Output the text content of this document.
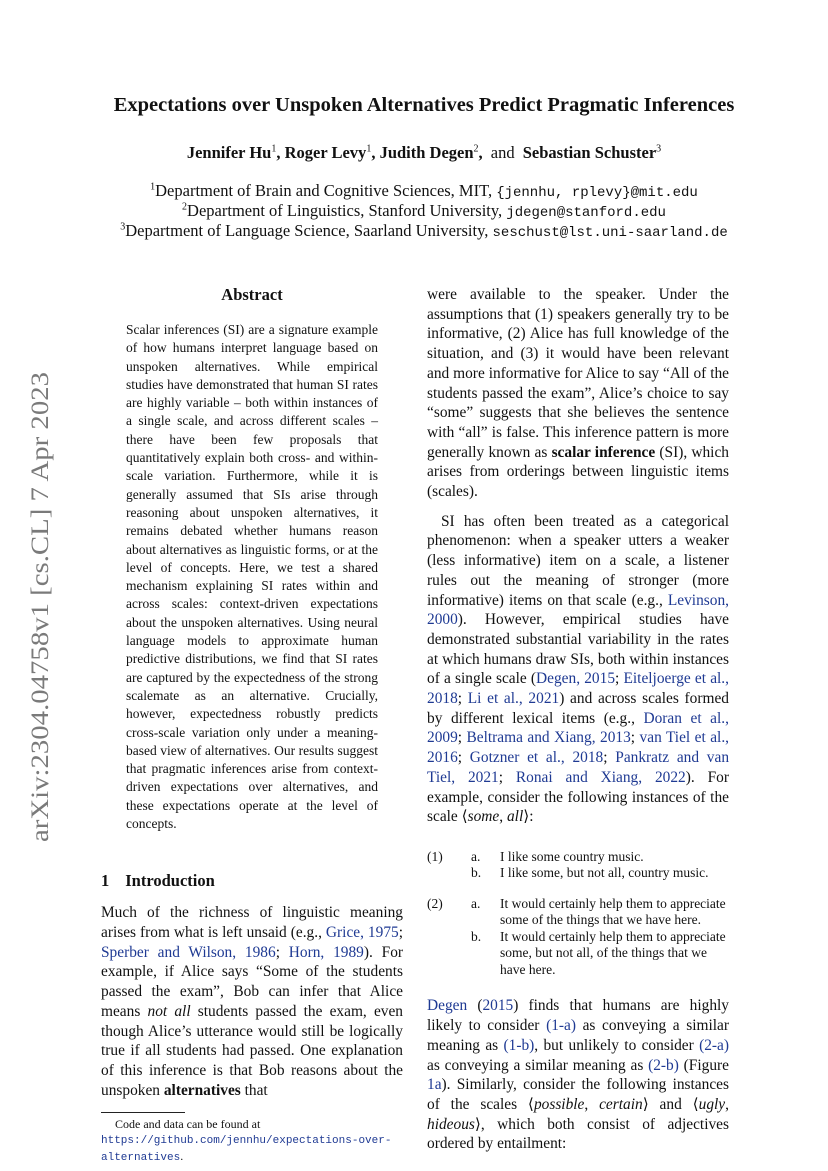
arXiv:2304.04758v1 [cs.CL] 7 Apr 2023
Expectations over Unspoken Alternatives Predict Pragmatic Inferences
Jennifer Hu$^1$, Roger Levy$^1$, Judith Degen$^2$, and Sebastian Schuster$^3$
$^1$Department of Brain and Cognitive Sciences, MIT, {jennhu, rplevy}@mit.edu
$^2$Department of Linguistics, Stanford University, jdegen@stanford.edu
$^3$Department of Language Science, Saarland University, seschust@lst.uni-saarland.de
Abstract

Scalar inferences (SI) are a signature example of how humans interpret language based on unspoken alternatives. While empirical studies have demonstrated that human SI rates are highly variable – both within instances of a single scale, and across different scales – there have been few proposals that quantitatively explain both cross- and within-scale variation. Furthermore, while it is generally assumed that SIs arise through reasoning about unspoken alternatives, it remains debated whether humans reason about alternatives as linguistic forms, or at the level of concepts. Here, we test a shared mechanism explaining SI rates within and across scales: context-driven expectations about the unspoken alternatives. Using neural language models to approximate human predictive distributions, we find that SI rates are captured by the expectedness of the strong scalemate as an alternative. Crucially, however, expectedness robustly predicts cross-scale variation only under a meaning-based view of alternatives. Our results suggest that pragmatic inferences arise from context-driven expectations over alternatives, and these expectations operate at the level of concepts.

1 Introduction

Much of the richness of linguistic meaning arises from what is left unsaid (e.g., Grice, 1975; Sperber and Wilson, 1986; Horn, 1989). For example, if Alice says “Some of the students passed the exam”, Bob can infer that Alice means not all students passed the exam, even though Alice’s utterance would still be logically true if all students had passed. One explanation of this inference is that Bob reasons about the unspoken alternatives that

Code and data can be found at https://github.com/jennhu/expectations-over-alternatives.

were available to the speaker. Under the assumptions that (1) speakers generally try to be informative, (2) Alice has full knowledge of the situation, and (3) it would have been relevant and more informative for Alice to say “All of the students passed the exam”, Alice’s choice to say “some” suggests that she believes the sentence with “all” is false. This inference pattern is more generally known as scalar inference (SI), which arises from orderings between linguistic items (scales).

SI has often been treated as a categorical phenomenon: when a speaker utters a weaker (less informative) item on a scale, a listener rules out the meaning of stronger (more informative) items on that scale (e.g., Levinson, 2000). However, empirical studies have demonstrated substantial variability in the rates at which humans draw SIs, both within instances of a single scale (Degen, 2015; Eiteljoerge et al., 2018; Li et al., 2021) and across scales formed by different lexical items (e.g., Doran et al., 2009; Beltrama and Xiang, 2013; van Tiel et al., 2016; Gotzner et al., 2018; Pankratz and van Tiel, 2021; Ronai and Xiang, 2022). For example, consider the following instances of the scale ⟨some, all⟩:

(1) a. I like some country music.
b. I like some, but not all, country music.
(2) a. It would certainly help them to appreciate some of the things that we have here.
b. It would certainly help them to appreciate some, but not all, of the things that we have here.

Degen (2015) finds that humans are highly likely to consider (1-a) as conveying a similar meaning as (1-b), but unlikely to consider (2-a) as conveying a similar meaning as (2-b) (Figure 1a). Similarly, consider the following instances of the scales ⟨possible, certain⟩ and ⟨ugly, hideous⟩, which both consist of adjectives ordered by entailment:
